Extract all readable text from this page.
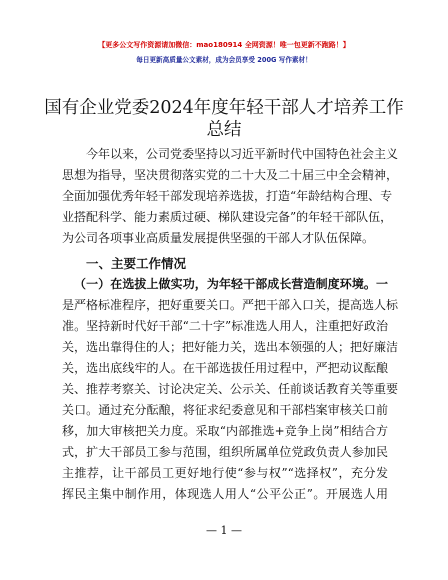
【更多公文写作资源请加微信：mao180914 全网资源！唯一包更新不跑路！】
每日更新高质量公文素材，成为会员享受 200G 写作素材！
国有企业党委2024年度年轻干部人才培养工作
总结
今年以来，公司党委坚持以习近平新时代中国特色社会主义
思想为指导，坚决贯彻落实党的二十大及二十届三中全会精神，
全面加强优秀年轻干部发现培养选拔，打造“年龄结构合理、专
业搭配科学、能力素质过硬、梯队建设完备”的年轻干部队伍，
为公司各项事业高质量发展提供坚强的干部人才队伍保障。
一、主要工作情况
（一）在选拔上做实功，为年轻干部成长营造制度环境。一
是严格标准程序，把好重要关口。严把干部入口关，提高选人标
准。坚持新时代好干部“二十字”标准选人用人，注重把好政治
关，选出靠得住的人；把好能力关，选出本领强的人；把好廉洁
关，选出底线牢的人。在干部选拔任用过程中，严把动议酝酿
关、推荐考察关、讨论决定关、公示关、任前谈话教育关等重要
关口。通过充分酝酿，将征求纪委意见和干部档案审核关口前
移，加大审核把关力度。采取“内部推选+竞争上岗”相结合方
式，扩大干部员工参与范围，组织所属单位党政负责人参加民
主推荐，让干部员工更好地行使“参与权”“选择权”，充分发
挥民主集中制作用，体现选人用人“公平公正”。开展选人用
— 1 —
